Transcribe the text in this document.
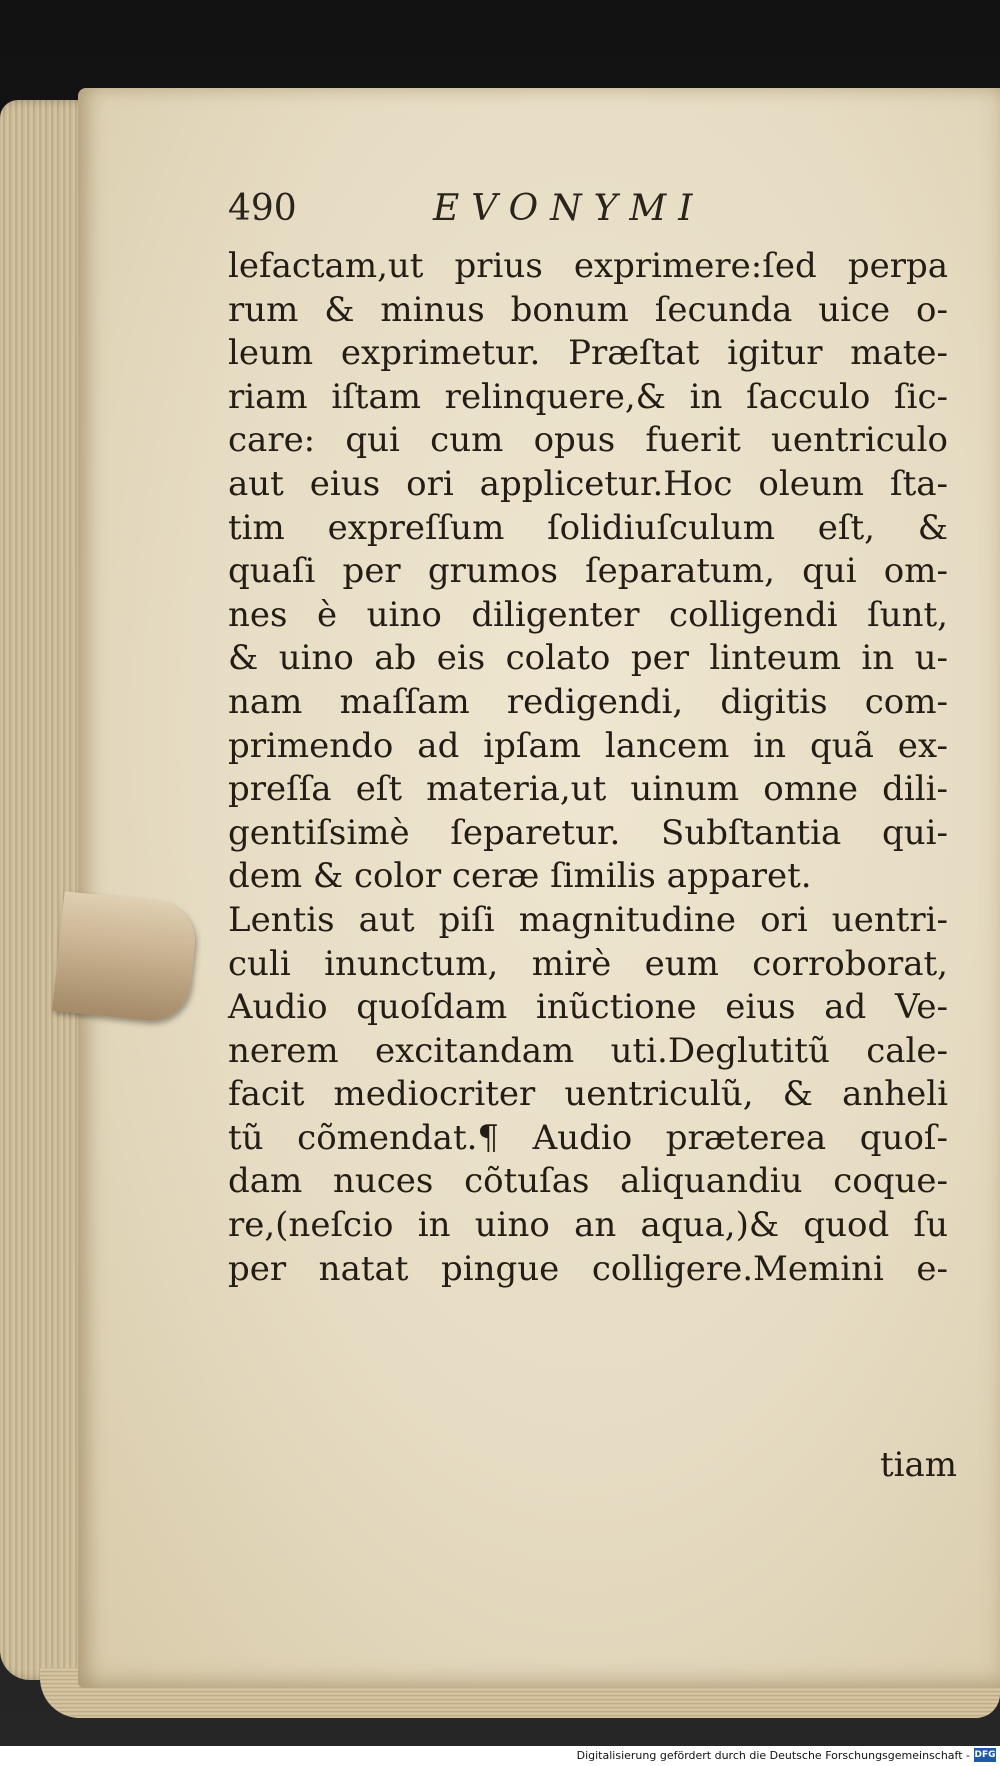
490	EVONYMI
lefactam,ut prius exprimere:ſed perpa
rum & minus bonum ſecunda uice o-
leum exprimetur. Præſtat igitur mate-
riam iſtam relinquere,& in ſacculo ſic-
care: qui cum opus fuerit uentriculo
aut eius ori applicetur.Hoc oleum ſta-
tim expreſſum ſolidiuſculum eſt, &
quaſi per grumos ſeparatum, qui om-
nes è uino diligenter colligendi ſunt,
& uino ab eis colato per linteum in u-
nam maſſam redigendi, digitis com-
primendo ad ipſam lancem in quã ex-
preſſa eſt materia,ut uinum omne dili-
gentiſsimè ſeparetur. Subſtantia qui-
dem & color ceræ ſimilis apparet.
Lentis aut piſi magnitudine ori uentri-
culi inunctum, mirè eum corroborat,
Audio quoſdam inũctione eius ad Ve-
nerem excitandam uti.Deglutitũ cale-
facit mediocriter uentriculũ, & anheli
tũ cõmendat.¶ Audio præterea quoſ-
dam nuces cõtuſas aliquandiu coque-
re,(neſcio in uino an aqua,)& quod ſu
per natat pingue colligere.Memini e-
tiam
Digitalisierung gefördert durch die Deutsche Forschungsgemeinschaft - DFG
